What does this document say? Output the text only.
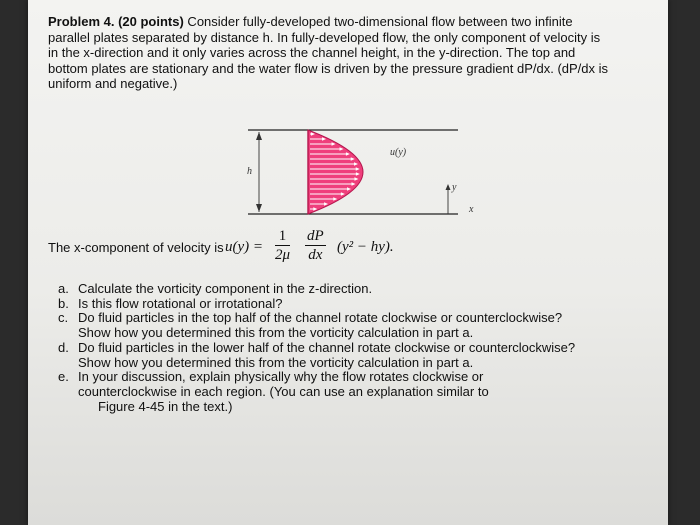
Problem 4. (20 points) Consider fully-developed two-dimensional flow between two infinite parallel plates separated by distance h. In fully-developed flow, the only component of velocity is in the x-direction and it only varies across the channel height, in the y-direction. The top and bottom plates are stationary and the water flow is driven by the pressure gradient dP/dx. (dP/dx is uniform and negative.)

u(y)
h
y
x
The x-component of velocity is $u(y) = \frac{1}{2\mu} \frac{dP}{dx} (y^2 - hy)$.
a. Calculate the vorticity component in the z-direction.
b. Is this flow rotational or irrotational?
c. Do fluid particles in the top half of the channel rotate clockwise or counterclockwise?
Show how you determined this from the vorticity calculation in part a.
d. Do fluid particles in the lower half of the channel rotate clockwise or counterclockwise?
Show how you determined this from the vorticity calculation in part a.
e. In your discussion, explain physically why the flow rotates clockwise or
counterclockwise in each region. (You can use an explanation similar to
Figure 4-45 in the text.)
